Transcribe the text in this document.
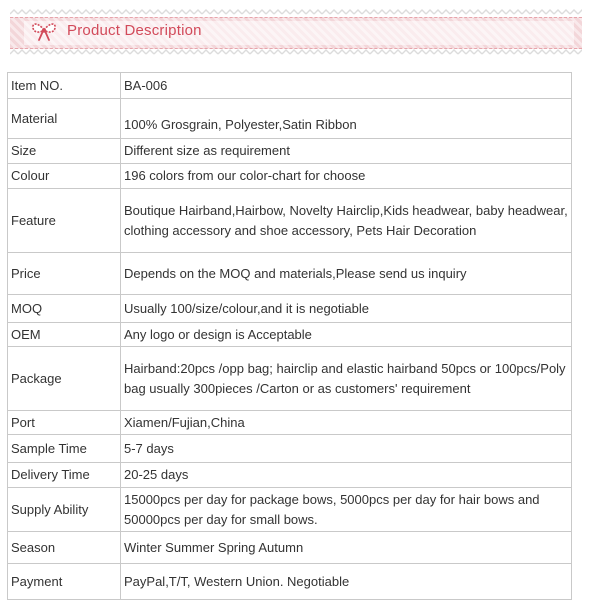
Product Description
Item NO.	BA-006
Material	100% Grosgrain, Polyester,Satin Ribbon
Size	Different size as requirement
Colour	196 colors from our color-chart for choose
Feature	Boutique Hairband,Hairbow, Novelty Hairclip,Kids headwear, baby headwear, clothing accessory and shoe accessory, Pets Hair Decoration
Price	Depends on the MOQ and materials,Please send us inquiry
MOQ	Usually 100/size/colour,and it is negotiable
OEM	Any logo or design is Acceptable
Package	Hairband:20pcs /opp bag; hairclip and elastic hairband 50pcs or 100pcs/Poly bag usually 300pieces /Carton or as customers' requirement
Port	Xiamen/Fujian,China
Sample Time	5-7 days
Delivery Time	20-25 days
Supply Ability	15000pcs per day for package bows, 5000pcs per day for hair bows and 50000pcs per day for small bows.
Season	Winter Summer Spring Autumn
Payment	PayPal,T/T, Western Union. Negotiable
